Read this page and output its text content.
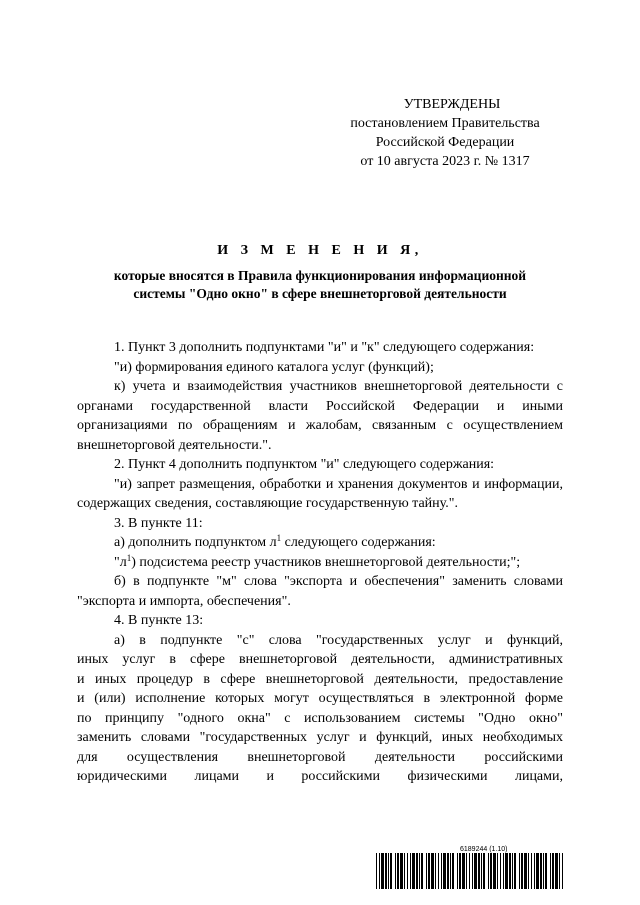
УТВЕРЖДЕНЫ
постановлением Правительства
Российской Федерации
от 10 августа 2023 г. № 1317
И З М Е Н Е Н И Я,
которые вносятся в Правила функционирования информационной
системы "Одно окно" в сфере внешнеторговой деятельности

1. Пункт 3 дополнить подпунктами "и" и "к" следующего содержания:

"и) формирования единого каталога услуг (функций);

к) учета и взаимодействия участников внешнеторговой деятельности с органами государственной власти Российской Федерации и иными организациями по обращениям и жалобам, связанным с осуществлением внешнеторговой деятельности.".

2. Пункт 4 дополнить подпунктом "и" следующего содержания:

"и) запрет размещения, обработки и хранения документов и информации, содержащих сведения, составляющие государственную тайну.".

3. В пункте 11:

а) дополнить подпунктом $л^1$ следующего содержания:

"$л^1$) подсистема реестр участников внешнеторговой деятельности;";

б) в подпункте "м" слова "экспорта и обеспечения" заменить словами "экспорта и импорта, обеспечения".

4. В пункте 13:

а) в подпункте "с" слова "государственных услуг и функций,

иных услуг в сфере внешнеторговой деятельности, административных

и иных процедур в сфере внешнеторговой деятельности, предоставление

и (или) исполнение которых могут осуществляться в электронной форме

по принципу "одного окна" с использованием системы "Одно окно"

заменить словами "государственных услуг и функций, иных необходимых

для осуществления внешнеторговой деятельности российскими

юридическими лицами и российскими физическими лицами,

6189244 (1.10)
